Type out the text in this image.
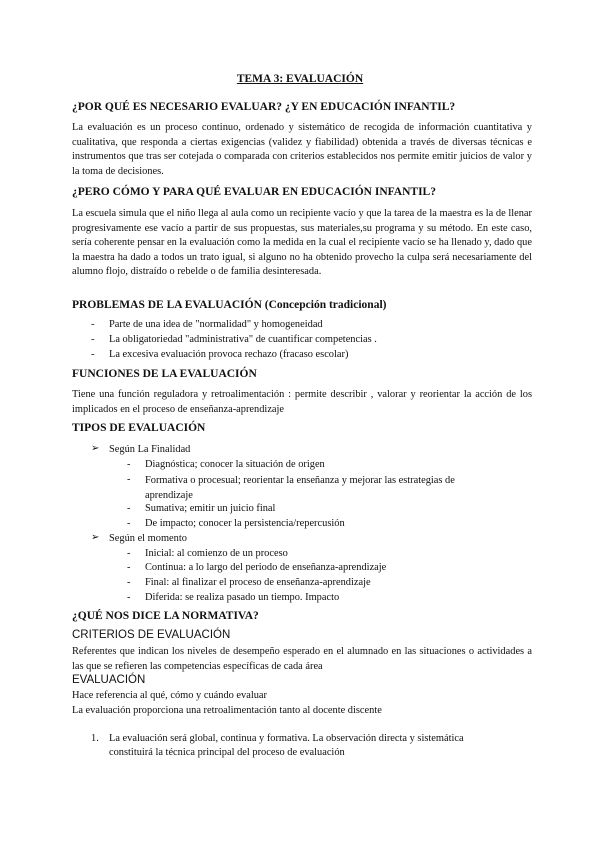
TEMA 3: EVALUACIÓN
¿POR QUÉ ES NECESARIO EVALUAR? ¿Y EN EDUCACIÓN INFANTIL?
La evaluación es un proceso continuo, ordenado y sistemático de recogida de información cuantitativa y cualitativa, que responda a ciertas exigencias (validez y fiabilidad) obtenida a través de diversas técnicas e instrumentos que tras ser cotejada o comparada con criterios establecidos nos permite emitir juicios de valor y la toma de decisiones.
¿PERO CÓMO Y PARA QUÉ EVALUAR EN EDUCACIÓN INFANTIL?
La escuela simula que el niño llega al aula como un recipiente vacío y que la tarea de la maestra es la de llenar progresivamente ese vacío a partir de sus propuestas, sus materiales,su programa y su método. En este caso, sería coherente pensar en la evaluación como la medida en la cual el recipiente vacío se ha llenado y, dado que la maestra ha dado a todos un trato igual, si alguno no ha obtenido provecho la culpa será necesariamente del alumno flojo, distraído o rebelde o de familia desinteresada.
PROBLEMAS DE LA EVALUACIÓN (Concepción tradicional)
- Parte de una idea de "normalidad" y homogeneidad
- La obligatoriedad "administrativa" de cuantificar competencias .
- La excesiva evaluación provoca rechazo (fracaso escolar)
FUNCIONES DE LA EVALUACIÓN
Tiene una función reguladora y retroalimentación : permite describir , valorar y reorientar la acción de los implicados en el proceso de enseñanza-aprendizaje
TIPOS DE EVALUACIÓN
➢ Según La Finalidad
- Diagnóstica; conocer la situación de origen
- Formativa o procesual; reorientar la enseñanza y mejorar las estrategias de aprendizaje
- Sumativa; emitir un juicio final
- De impacto; conocer la persistencia/repercusión
➢ Según el momento
- Inicial: al comienzo de un proceso
- Continua: a lo largo del periodo de enseñanza-aprendizaje
- Final: al finalizar el proceso de enseñanza-aprendizaje
- Diferida: se realiza pasado un tiempo. Impacto
¿QUÉ NOS DICE LA NORMATIVA?
CRITERIOS DE EVALUACIÓN
Referentes que indican los niveles de desempeño esperado en el alumnado en las situaciones o actividades a las que se refieren las competencias específicas de cada área
EVALUACIÓN
Hace referencia al qué, cómo y cuándo evaluar
La evaluación proporciona una retroalimentación tanto al docente discente
1. La evaluación será global, continua y formativa. La observación directa y sistemática
constituirá la técnica principal del proceso de evaluación
